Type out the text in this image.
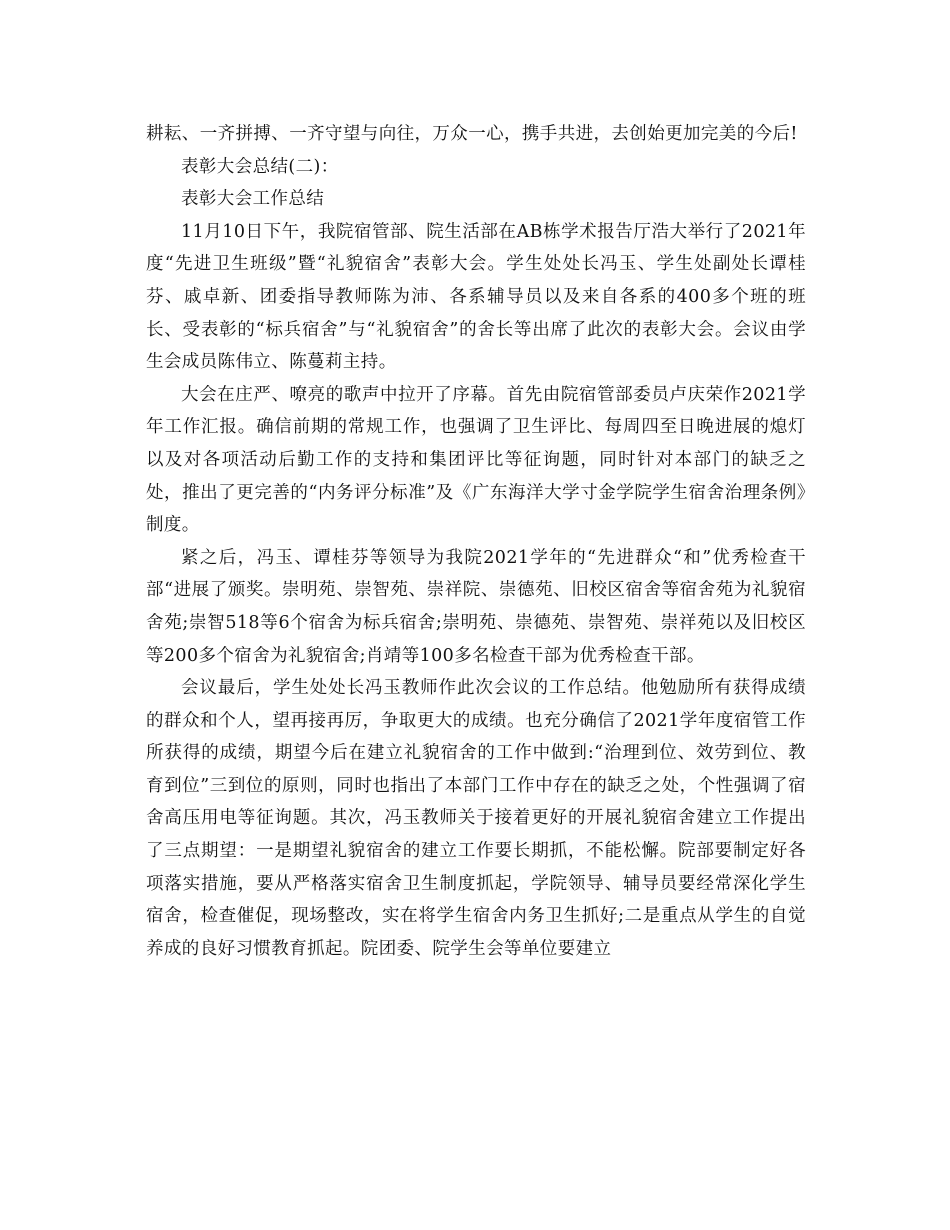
耕耘、一齐拼搏、一齐守望与向往，万众一心，携手共进，去创始更加完美的今后!

表彰大会总结(二)：

表彰大会工作总结

11月10日下午，我院宿管部、院生活部在AB栋学术报告厅浩大举行了2021年度“先进卫生班级”暨“礼貌宿舍”表彰大会。学生处处长冯玉、学生处副处长谭桂芬、戚卓新、团委指导教师陈为沛、各系辅导员以及来自各系的400多个班的班长、受表彰的“标兵宿舍”与“礼貌宿舍”的舍长等出席了此次的表彰大会。会议由学生会成员陈伟立、陈蔓莉主持。

大会在庄严、嘹亮的歌声中拉开了序幕。首先由院宿管部委员卢庆荣作2021学年工作汇报。确信前期的常规工作，也强调了卫生评比、每周四至日晚进展的熄灯以及对各项活动后勤工作的支持和集团评比等征询题，同时针对本部门的缺乏之处，推出了更完善的“内务评分标准”及《广东海洋大学寸金学院学生宿舍治理条例》制度。

紧之后，冯玉、谭桂芬等领导为我院2021学年的“先进群众“和”优秀检查干部“进展了颁奖。崇明苑、崇智苑、崇祥院、崇德苑、旧校区宿舍等宿舍苑为礼貌宿舍苑;崇智518等6个宿舍为标兵宿舍;崇明苑、崇德苑、崇智苑、崇祥苑以及旧校区等200多个宿舍为礼貌宿舍;肖靖等100多名检查干部为优秀检查干部。

会议最后，学生处处长冯玉教师作此次会议的工作总结。他勉励所有获得成绩的群众和个人，望再接再厉，争取更大的成绩。也充分确信了2021学年度宿管工作所获得的成绩，期望今后在建立礼貌宿舍的工作中做到:“治理到位、效劳到位、教育到位”三到位的原则，同时也指出了本部门工作中存在的缺乏之处，个性强调了宿舍高压用电等征询题。其次，冯玉教师关于接着更好的开展礼貌宿舍建立工作提出了三点期望：一是期望礼貌宿舍的建立工作要长期抓，不能松懈。院部要制定好各项落实措施，要从严格落实宿舍卫生制度抓起，学院领导、辅导员要经常深化学生宿舍，检查催促，现场整改，实在将学生宿舍内务卫生抓好;二是重点从学生的自觉养成的良好习惯教育抓起。院团委、院学生会等单位要建立
